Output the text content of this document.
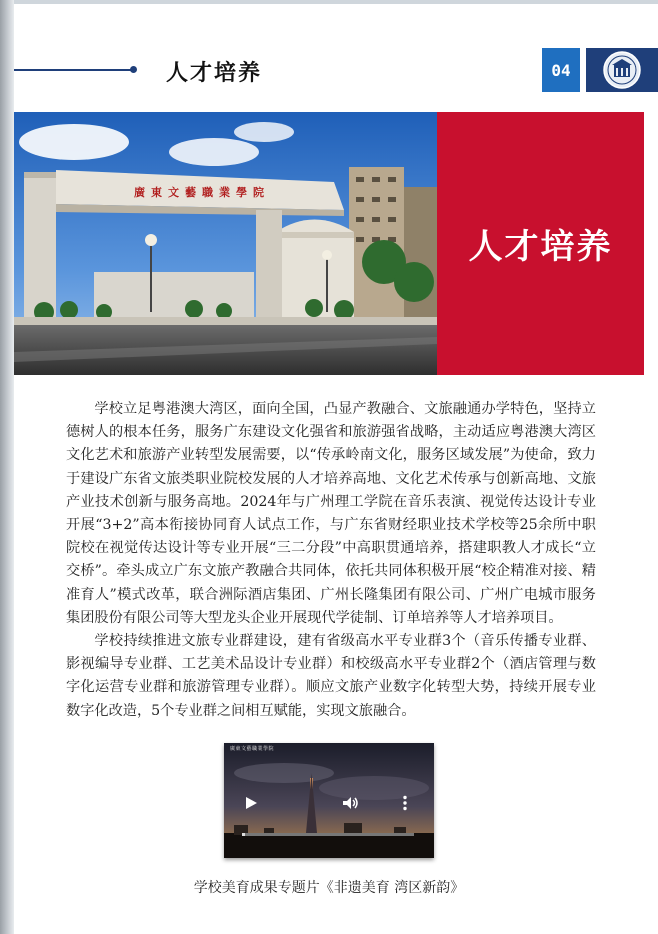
人才培养	04
廣東文藝職業學院
人才培养

学校立足粤港澳大湾区，面向全国，凸显产教融合、文旅融通办学特色，坚持立德树人的根本任务，服务广东建设文化强省和旅游强省战略，主动适应粤港澳大湾区文化艺术和旅游产业转型发展需要，以“传承岭南文化，服务区域发展”为使命，致力于建设广东省文旅类职业院校发展的人才培养高地、文化艺术传承与创新高地、文旅产业技术创新与服务高地。2024年与广州理工学院在音乐表演、视觉传达设计专业开展“3+2”高本衔接协同育人试点工作，与广东省财经职业技术学校等25余所中职院校在视觉传达设计等专业开展“三二分段”中高职贯通培养，搭建职教人才成长“立交桥”。牵头成立广东文旅产教融合共同体，依托共同体积极开展“校企精准对接、精准育人”模式改革，联合洲际酒店集团、广州长隆集团有限公司、广州广电城市服务集团股份有限公司等大型龙头企业开展现代学徒制、订单培养等人才培养项目。

学校持续推进文旅专业群建设，建有省级高水平专业群3个（音乐传播专业群、影视编导专业群、工艺美术品设计专业群）和校级高水平专业群2个（酒店管理与数字化运营专业群和旅游管理专业群）。顺应文旅产业数字化转型大势，持续开展专业数字化改造，5个专业群之间相互赋能，实现文旅融合。

廣東文藝職業學院
学校美育成果专题片《非遗美育 湾区新韵》
